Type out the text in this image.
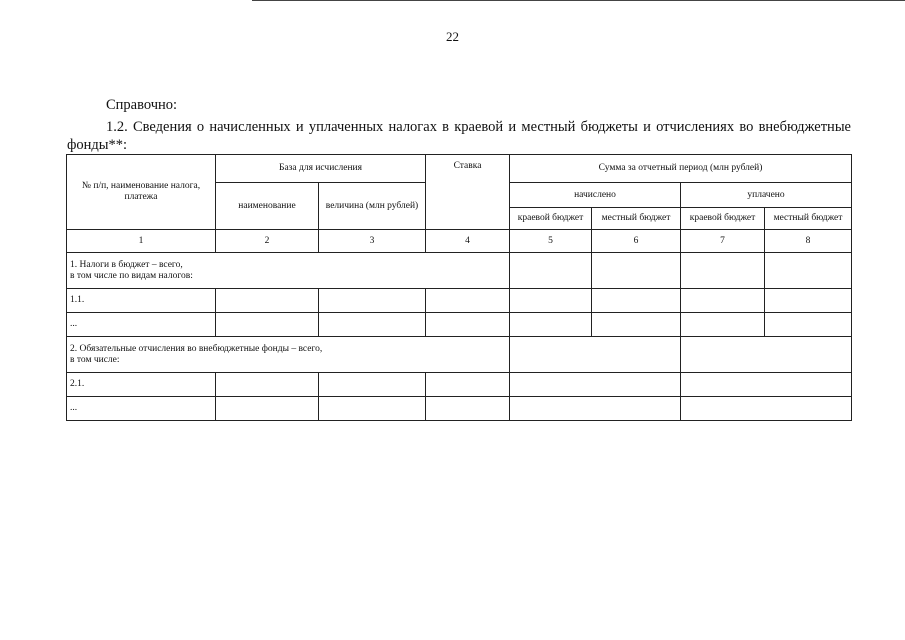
22
Справочно:
1.2. Сведения о начисленных и уплаченных налогах в краевой и местный бюджеты и отчислениях во внебюджетные фонды**:
№ п/п, наименование налога, платежа	База для исчисления		Ставка	Сумма за отчетный период (млн рублей)			
	наименование	величина (млн рублей)		начислено		уплачено	
				краевой бюджет	местный бюджет	краевой бюджет	местный бюджет
1	2	3	4	5	6	7	8
1. Налоги в бюджет – всего,
в том числе по видам налогов:							
1.1.							
...							
2. Обязательные отчисления во внебюджетные фонды – всего,
в том числе:							
2.1.							
...							
